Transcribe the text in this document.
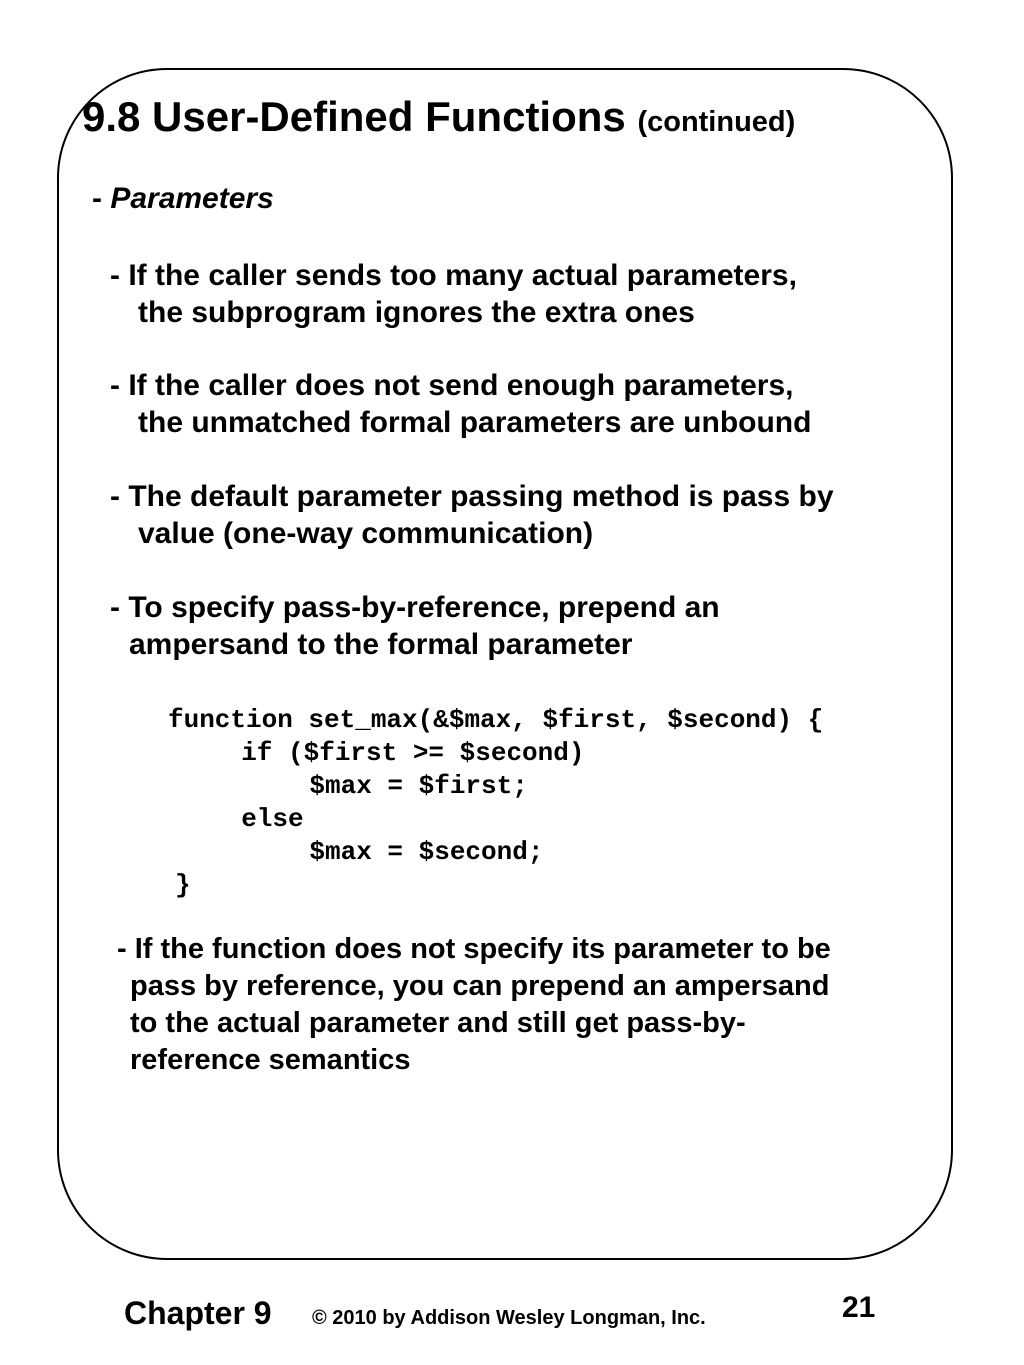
9.8 User-Defined Functions (continued)
- Parameters
- If the caller sends too many actual parameters,
the subprogram ignores the extra ones
- If the caller does not send enough parameters,
the unmatched formal parameters are unbound
- The default parameter passing method is pass by
value (one-way communication)
- To specify pass-by-reference, prepend an
ampersand to the formal parameter
function set_max(&$max, $first, $second) {
if ($first >= $second)
$max = $first;
else
$max = $second;
}
- If the function does not specify its parameter to be
pass by reference, you can prepend an ampersand
to the actual parameter and still get pass-by-
reference semantics
Chapter 9 © 2010 by Addison Wesley Longman, Inc.	21
